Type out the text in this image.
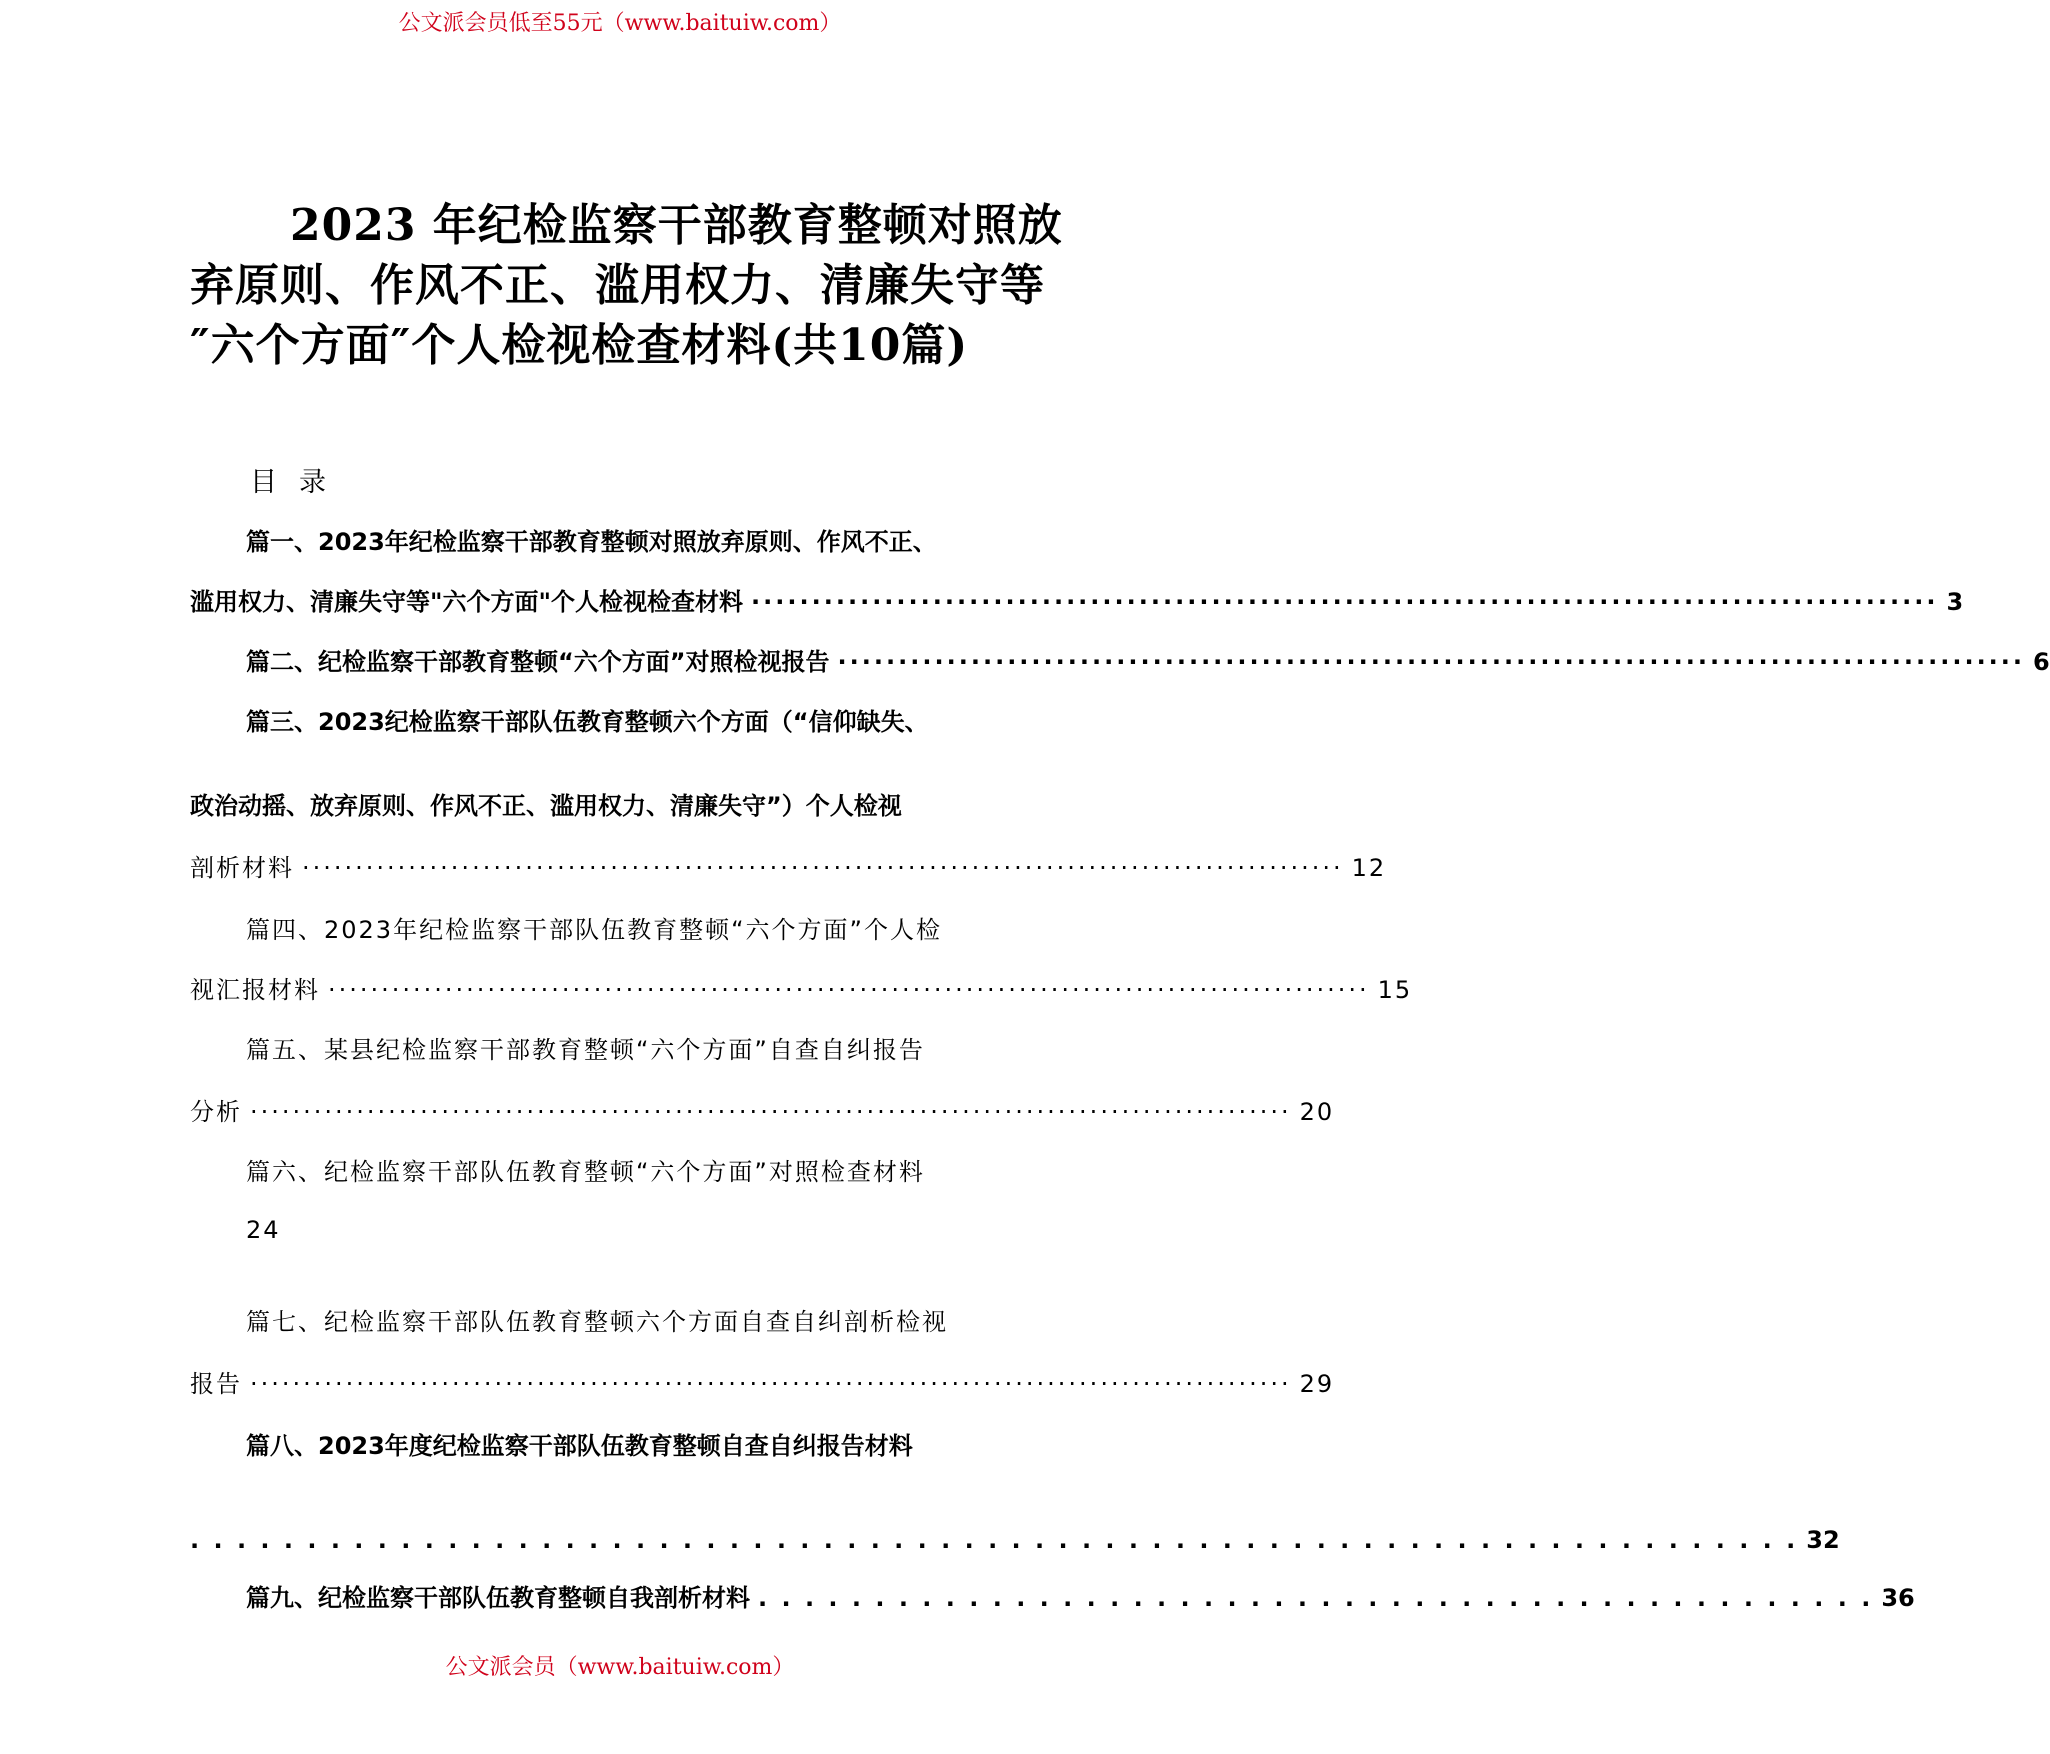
公文派会员低至55元（www.baituiw.com）
2023 年纪检监察干部教育整顿对照放
弃原则、作风不正、滥用权力、清廉失守等
″六个方面″个人检视检查材料(共10篇)
目录
篇一、2023年纪检监察干部教育整顿对照放弃原则、作风不正、
滥用权力、清廉失守等"六个方面"个人检视检查材料 ·································································································· 3
篇二、纪检监察干部教育整顿“六个方面”对照检视报告 ·································································································· 6
篇三、2023纪检监察干部队伍教育整顿六个方面（“信仰缺失、
政治动摇、放弃原则、作风不正、滥用权力、清廉失守”）个人检视
剖析材料 ·································································································· 12
篇四、2023年纪检监察干部队伍教育整顿“六个方面”个人检
视汇报材料 ·································································································· 15
篇五、某县纪检监察干部教育整顿“六个方面”自查自纠报告
分析 ·································································································· 20
篇六、纪检监察干部队伍教育整顿“六个方面”对照检查材料
24
篇七、纪检监察干部队伍教育整顿六个方面自查自纠剖析检视
报告 ·································································································· 29
篇八、2023年度纪检监察干部队伍教育整顿自查自纠报告材料
. . . . . . . . . . . . . . . . . . . . . . . . . . . . . . . . . . . . . . . . . . . . . . . . . . . . . . . . . . . . . . . . . . . . . 32
篇九、纪检监察干部队伍教育整顿自我剖析材料 . . . . . . . . . . . . . . . . . . . . . . . . . . . . . . . . . . . . . . . . . . . . . . . . 36
公文派会员（www.baituiw.com）
